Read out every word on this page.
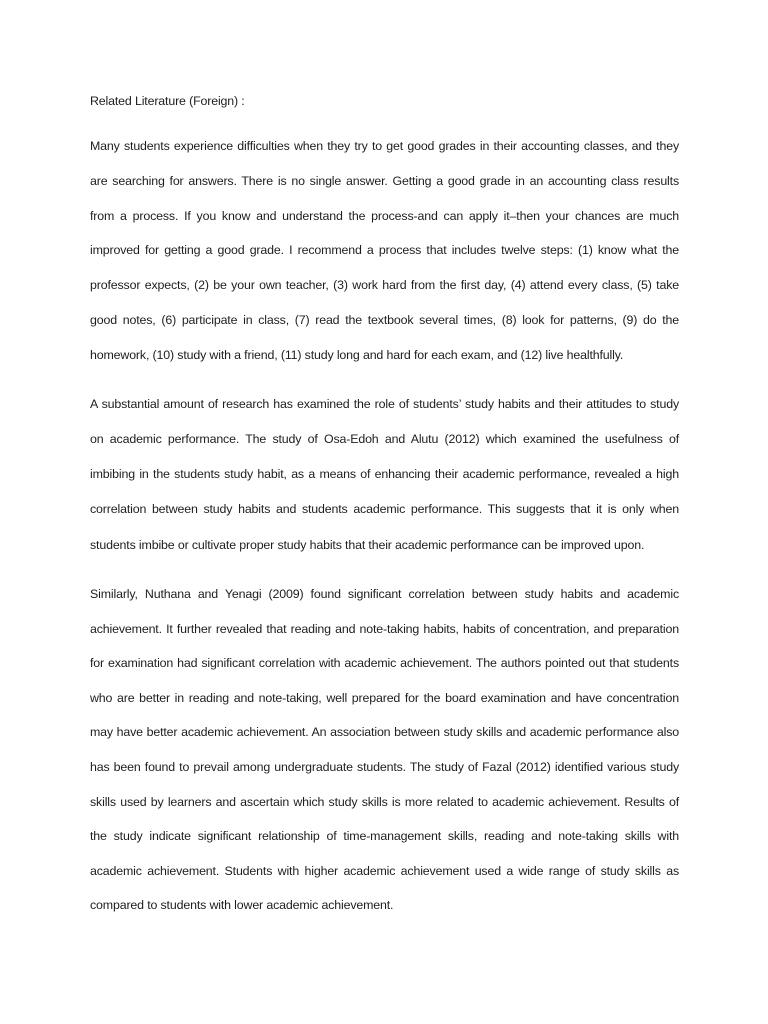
Related Literature (Foreign) :

Many students experience difficulties when they try to get good grades in their accounting classes, and they are searching for answers. There is no single answer. Getting a good grade in an accounting class results from a process. If you know and understand the process-and can apply it–then your chances are much improved for getting a good grade. I recommend a process that includes twelve steps: (1) know what the professor expects, (2) be your own teacher, (3) work hard from the first day, (4) attend every class, (5) take good notes, (6) participate in class, (7) read the textbook several times, (8) look for patterns, (9) do the homework, (10) study with a friend, (11) study long and hard for each exam, and (12) live healthfully.

A substantial amount of research has examined the role of students’ study habits and their attitudes to study on academic performance. The study of Osa-Edoh and Alutu (2012) which examined the usefulness of imbibing in the students study habit, as a means of enhancing their academic performance, revealed a high correlation between study habits and students academic performance. This suggests that it is only when students imbibe or cultivate proper study habits that their academic performance can be improved upon.

Similarly, Nuthana and Yenagi (2009) found significant correlation between study habits and academic achievement. It further revealed that reading and note-taking habits, habits of concentration, and preparation for examination had significant correlation with academic achievement. The authors pointed out that students who are better in reading and note-taking, well prepared for the board examination and have concentration may have better academic achievement. An association between study skills and academic performance also has been found to prevail among undergraduate students. The study of Fazal (2012) identified various study skills used by learners and ascertain which study skills is more related to academic achievement. Results of the study indicate significant relationship of time-management skills, reading and note-taking skills with academic achievement. Students with higher academic achievement used a wide range of study skills as compared to students with lower academic achievement.
